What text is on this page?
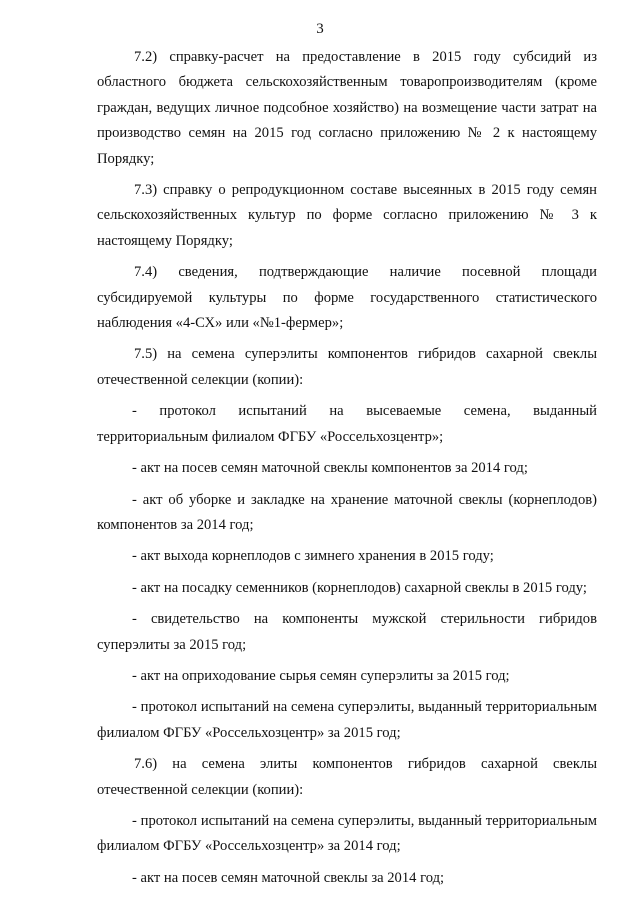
3

7.2) справку-расчет на предоставление в 2015 году субсидий из областного бюджета сельскохозяйственным товаропроизводителям (кроме граждан, ведущих личное подсобное хозяйство) на возмещение части затрат на производство семян на 2015 год согласно приложению № 2 к настоящему Порядку;

7.3) справку о репродукционном составе высеянных в 2015 году семян сельскохозяйственных культур по форме согласно приложению № 3 к настоящему Порядку;

7.4) сведения, подтверждающие наличие посевной площади субсидируемой культуры по форме государственного статистического наблюдения «4-СХ» или «№1-фермер»;

7.5) на семена суперэлиты компонентов гибридов сахарной свеклы отечественной селекции (копии):

- протокол испытаний на высеваемые семена, выданный территориальным филиалом ФГБУ «Россельхозцентр»;

- акт на посев семян маточной свеклы компонентов за 2014 год;

- акт об уборке и закладке на хранение маточной свеклы (корнеплодов) компонентов за 2014 год;

- акт выхода корнеплодов с зимнего хранения в 2015 году;

- акт на посадку семенников (корнеплодов) сахарной свеклы в 2015 году;

- свидетельство на компоненты мужской стерильности гибридов суперэлиты за 2015 год;

- акт на оприходование сырья семян суперэлиты за 2015 год;

- протокол испытаний на семена суперэлиты, выданный территориальным филиалом ФГБУ «Россельхозцентр» за 2015 год;

7.6) на семена элиты компонентов гибридов сахарной свеклы отечественной селекции (копии):

- протокол испытаний на семена суперэлиты, выданный территориальным филиалом ФГБУ «Россельхозцентр» за 2014 год;

- акт на посев семян маточной свеклы за 2014 год;
